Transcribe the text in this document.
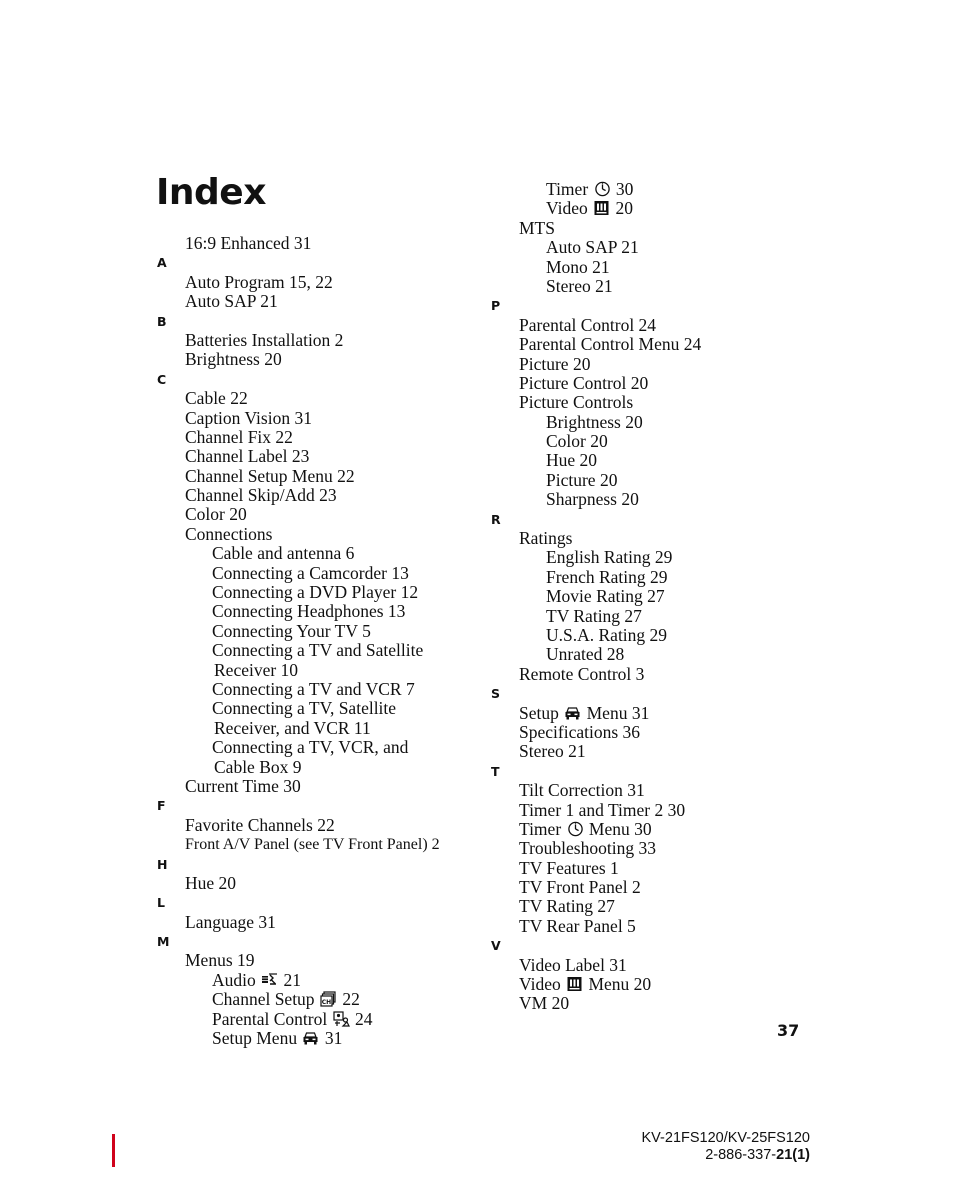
Index
16:9 Enhanced 31
A
Auto Program 15, 22
Auto SAP 21
B
Batteries Installation 2
Brightness 20
C
Cable 22
Caption Vision 31
Channel Fix 22
Channel Label 23
Channel Setup Menu 22
Channel Skip/Add 23
Color 20
Connections
Cable and antenna 6
Connecting a Camcorder 13
Connecting a DVD Player 12
Connecting Headphones 13
Connecting Your TV 5
Connecting a TV and Satellite
Receiver 10
Connecting a TV and VCR 7
Connecting a TV, Satellite
Receiver, and VCR 11
Connecting a TV, VCR, and
Cable Box 9
Current Time 30
F
Favorite Channels 22
Front A/V Panel (see TV Front Panel) 2
H
Hue 20
L
Language 31
M
Menus 19
Audio 21
Channel Setup CH 22
Parental Control 24
Setup Menu 31
Timer 30
Video 20
MTS
Auto SAP 21
Mono 21
Stereo 21
P
Parental Control 24
Parental Control Menu 24
Picture 20
Picture Control 20
Picture Controls
Brightness 20
Color 20
Hue 20
Picture 20
Sharpness 20
R
Ratings
English Rating 29
French Rating 29
Movie Rating 27
TV Rating 27
U.S.A. Rating 29
Unrated 28
Remote Control 3
S
Setup Menu 31
Specifications 36
Stereo 21
T
Tilt Correction 31
Timer 1 and Timer 2 30
Timer Menu 30
Troubleshooting 33
TV Features 1
TV Front Panel 2
TV Rating 27
TV Rear Panel 5
V
Video Label 31
Video Menu 20
VM 20
37
KV-21FS120/KV-25FS120
2-886-337-21(1)
